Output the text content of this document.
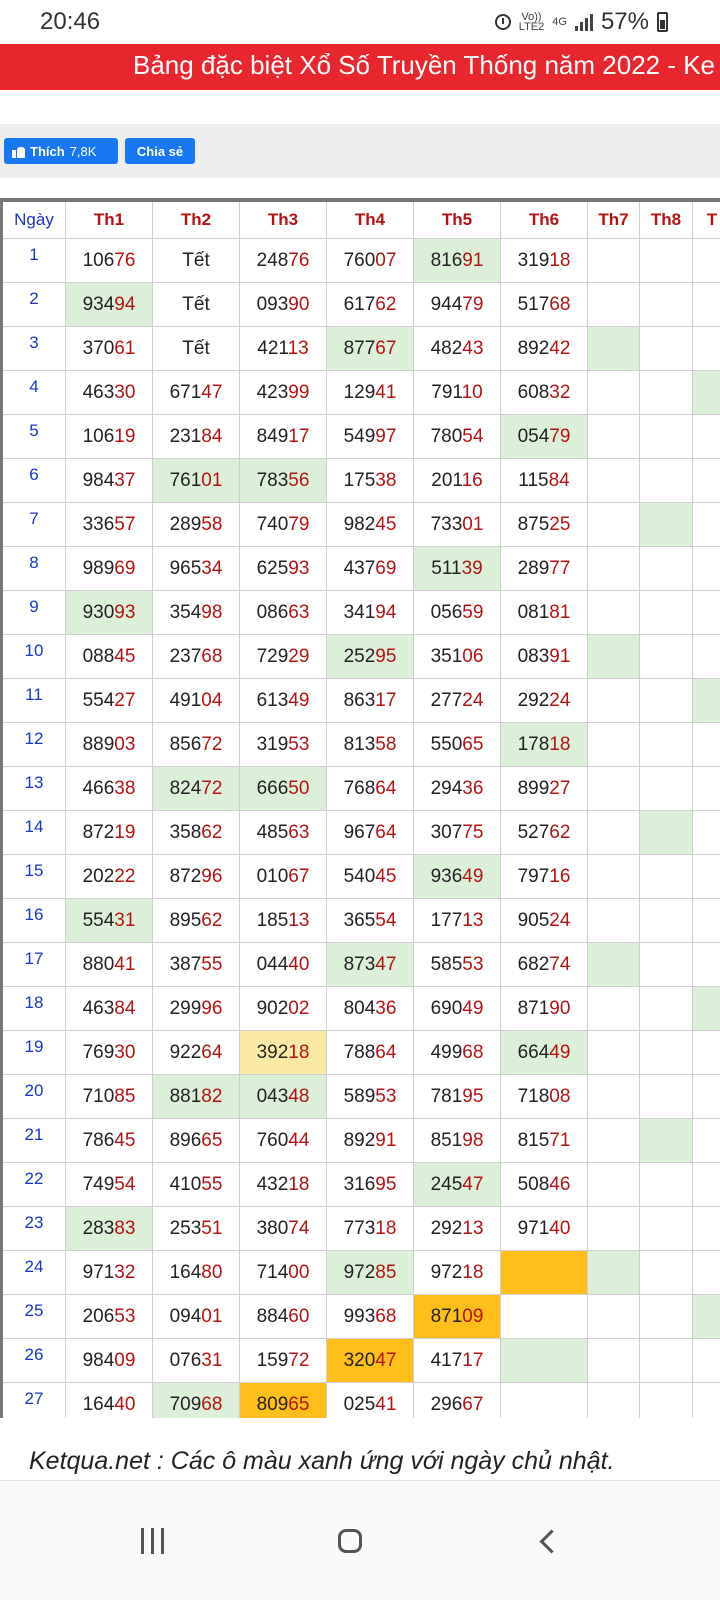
20:46	Vo))
LTE2 4G 57%
Bảng đặc biệt Xổ Số Truyền Thống năm 2022 - Ke
Thích 7,8K	Chia sẻ
Ngày	Th1	Th2	Th3	Th4	Th5	Th6	Th7	Th8	T
1	10676	Tết	24876	76007	81691	31918			
2	93494	Tết	09390	61762	94479	51768			
3	37061	Tết	42113	87767	48243	89242			
4	46330	67147	42399	12941	79110	60832			
5	10619	23184	84917	54997	78054	05479			
6	98437	76101	78356	17538	20116	11584			
7	33657	28958	74079	98245	73301	87525			
8	98969	96534	62593	43769	51139	28977			
9	93093	35498	08663	34194	05659	08181			
10	08845	23768	72929	25295	35106	08391			
11	55427	49104	61349	86317	27724	29224			
12	88903	85672	31953	81358	55065	17818			
13	46638	82472	66650	76864	29436	89927			
14	87219	35862	48563	96764	30775	52762			
15	20222	87296	01067	54045	93649	79716			
16	55431	89562	18513	36554	17713	90524			
17	88041	38755	04440	87347	58553	68274			
18	46384	29996	90202	80436	69049	87190			
19	76930	92264	39218	78864	49968	66449			
20	71085	88182	04348	58953	78195	71808			
21	78645	89665	76044	89291	85198	81571			
22	74954	41055	43218	31695	24547	50846			
23	28383	25351	38074	77318	29213	97140			
24	97132	16480	71400	97285	97218				
25	20653	09401	88460	99368	87109				
26	98409	07631	15972	32047	41717				
27	16440	70968	80965	02541	29667				

Ketqua.net : Các ô màu xanh ứng với ngày chủ nhật.
